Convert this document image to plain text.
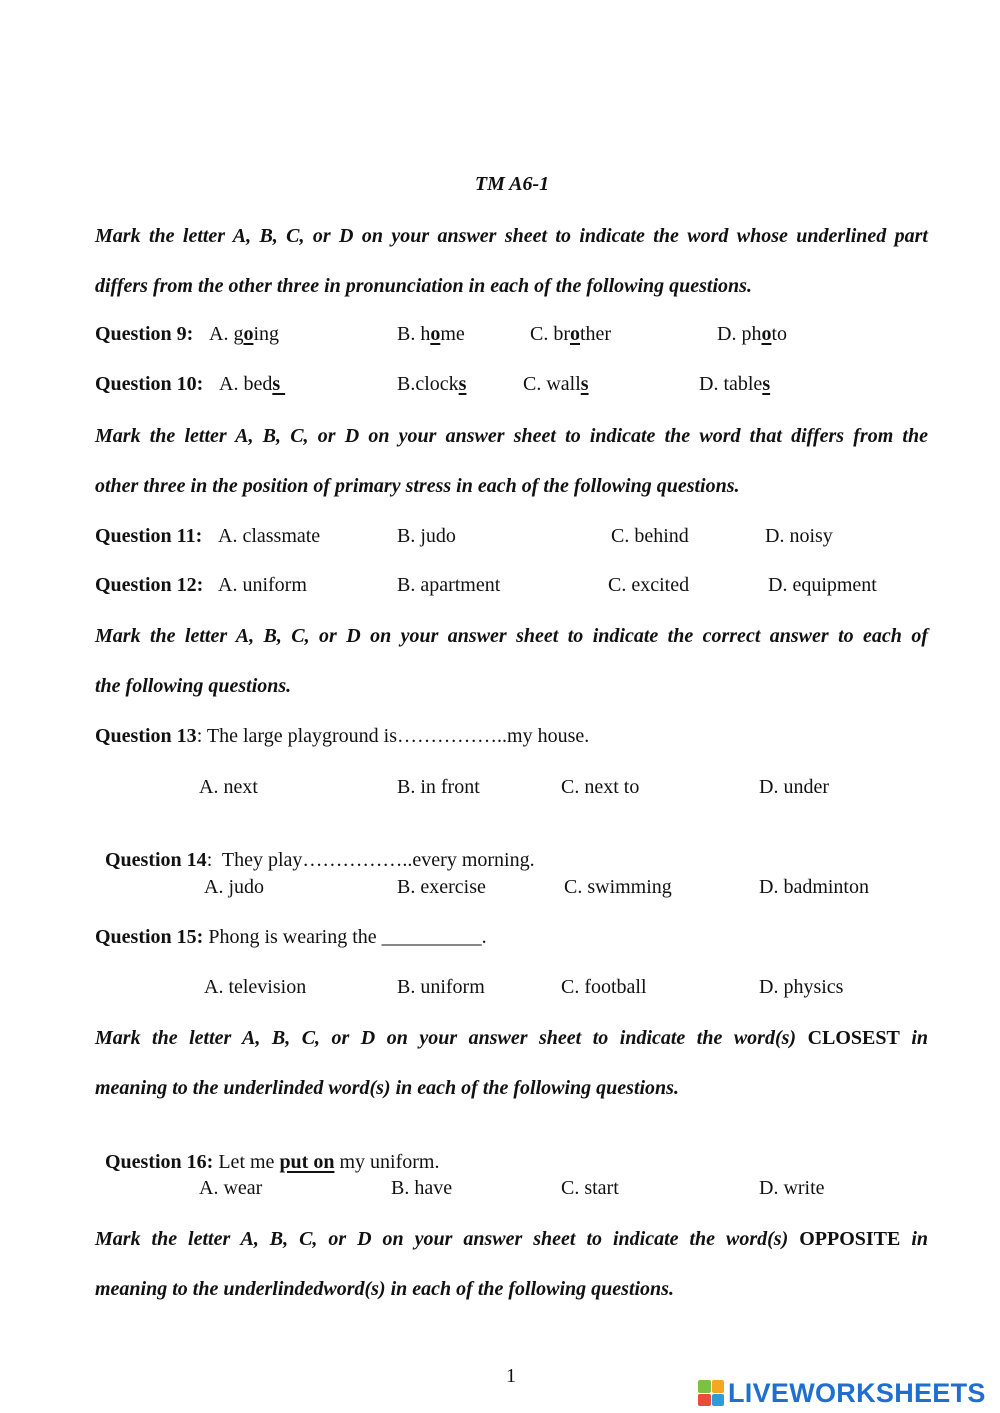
TM A6-1
Mark the letter A, B, C, or D on your answer sheet to indicate the word whose underlined part
differs from the other three in pronunciation in each of the following questions.
Question 9: A. going	B. home	C. brother	D. photo
Question 10: A. beds	B.clocks	C. walls	D. tables
Mark the letter A, B, C, or D on your answer sheet to indicate the word that differs from the
other three in the position of primary stress in each of the following questions.
Question 11: A. classmate	B. judo	C. behind	D. noisy
Question 12: A. uniform	B. apartment	C. excited	D. equipment
Mark the letter A, B, C, or D on your answer sheet to indicate the correct answer to each of
the following questions.
Question 13: The large playground is……………..my house.
A. next	B. in front	C. next to	D. under

Question 14:  They play……………..every morning.

A. judo	B. exercise	C. swimming	D. badminton
Question 15: Phong is wearing the __________.
A. television	B. uniform	C. football	D. physics
Mark the letter A, B, C, or D on your answer sheet to indicate the word(s) CLOSEST in
meaning to the underlinded word(s) in each of the following questions.

Question 16: Let me put on my uniform.

A. wear	B. have	C. start	D. write
Mark the letter A, B, C, or D on your answer sheet to indicate the word(s) OPPOSITE in
meaning to the underlindedword(s) in each of the following questions.
1
LIVEWORKSHEETS
